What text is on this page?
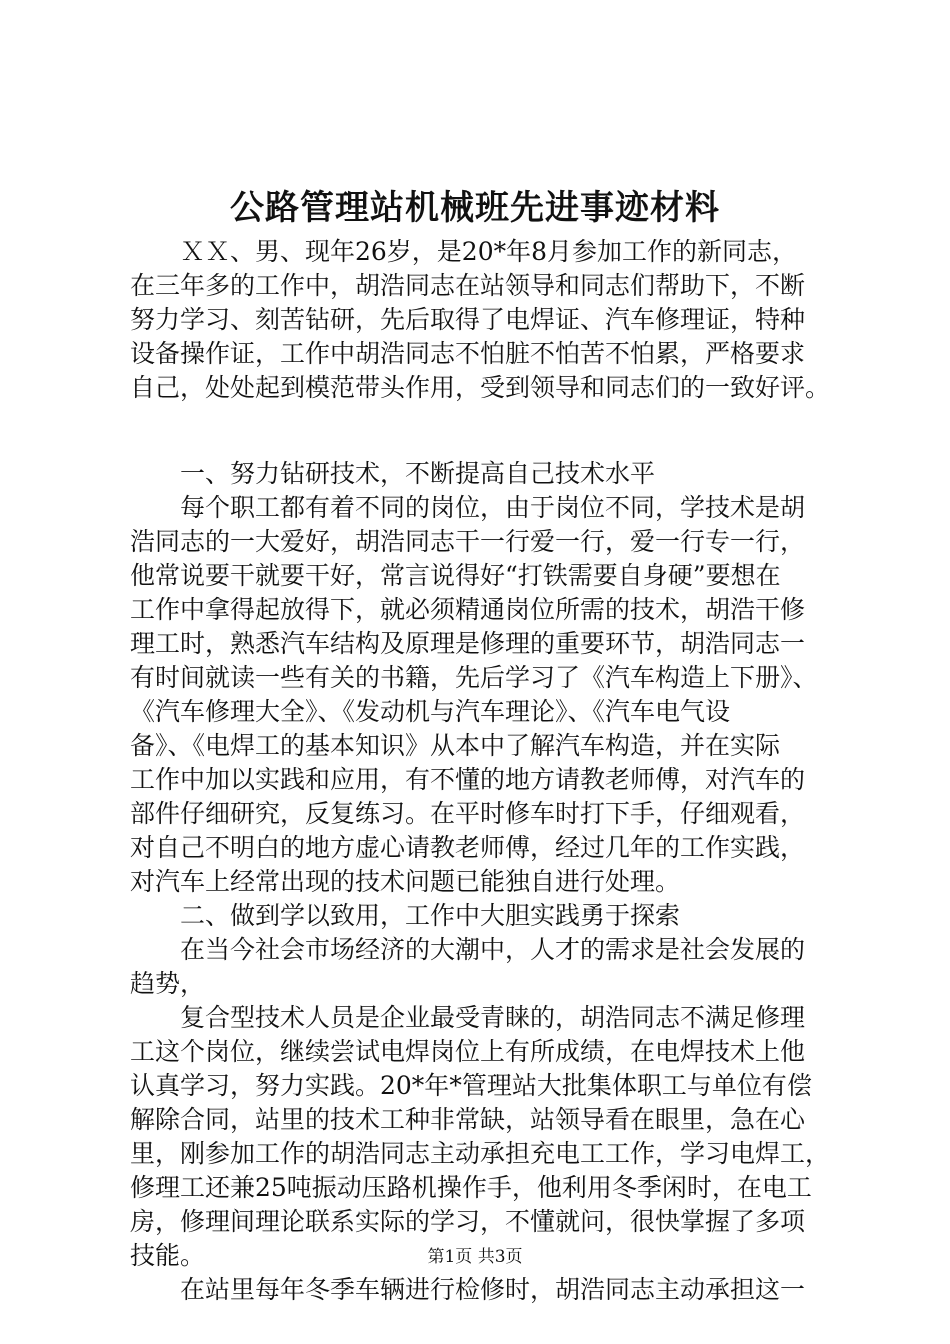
公路管理站机械班先进事迹材料
ＸＸ、男、现年26岁，是20*年8月参加工作的新同志，
在三年多的工作中，胡浩同志在站领导和同志们帮助下，不断
努力学习、刻苦钻研，先后取得了电焊证、汽车修理证，特种
设备操作证，工作中胡浩同志不怕脏不怕苦不怕累，严格要求
自己，处处起到模范带头作用，受到领导和同志们的一致好评。
一、努力钻研技术，不断提高自己技术水平
每个职工都有着不同的岗位，由于岗位不同，学技术是胡
浩同志的一大爱好，胡浩同志干一行爱一行，爱一行专一行，
他常说要干就要干好，常言说得好“打铁需要自身硬”要想在
工作中拿得起放得下，就必须精通岗位所需的技术，胡浩干修
理工时，熟悉汽车结构及原理是修理的重要环节，胡浩同志一
有时间就读一些有关的书籍，先后学习了《汽车构造上下册》、
《汽车修理大全》、《发动机与汽车理论》、《汽车电气设
备》、《电焊工的基本知识》从本中了解汽车构造，并在实际
工作中加以实践和应用，有不懂的地方请教老师傅，对汽车的
部件仔细研究，反复练习。在平时修车时打下手，仔细观看，
对自己不明白的地方虚心请教老师傅，经过几年的工作实践，
对汽车上经常出现的技术问题已能独自进行处理。
二、做到学以致用，工作中大胆实践勇于探索
在当今社会市场经济的大潮中，人才的需求是社会发展的
趋势，
复合型技术人员是企业最受青睐的，胡浩同志不满足修理
工这个岗位，继续尝试电焊岗位上有所成绩，在电焊技术上他
认真学习，努力实践。20*年*管理站大批集体职工与单位有偿
解除合同，站里的技术工种非常缺，站领导看在眼里，急在心
里，刚参加工作的胡浩同志主动承担充电工工作，学习电焊工，
修理工还兼25吨振动压路机操作手，他利用冬季闲时，在电工
房，修理间理论联系实际的学习，不懂就问，很快掌握了多项
技能。
在站里每年冬季车辆进行检修时，胡浩同志主动承担这一
第1页 共3页
